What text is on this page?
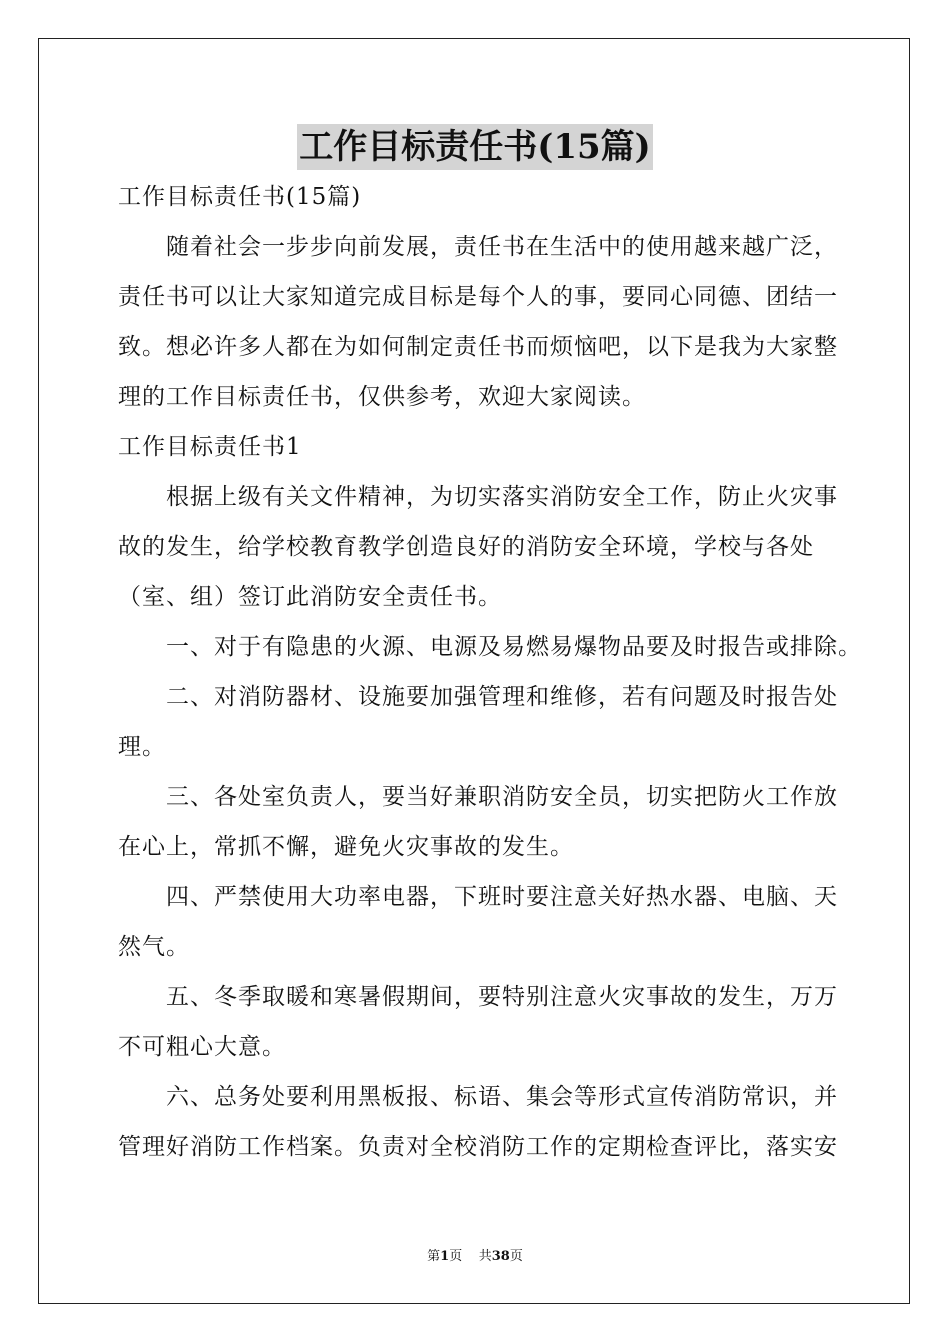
工作目标责任书(15篇)
工作目标责任书(15篇)
随着社会一步步向前发展，责任书在生活中的使用越来越广泛，
责任书可以让大家知道完成目标是每个人的事，要同心同德、团结一
致。想必许多人都在为如何制定责任书而烦恼吧，以下是我为大家整
理的工作目标责任书，仅供参考，欢迎大家阅读。
工作目标责任书1
根据上级有关文件精神，为切实落实消防安全工作，防止火灾事
故的发生，给学校教育教学创造良好的消防安全环境，学校与各处
（室、组）签订此消防安全责任书。
一、对于有隐患的火源、电源及易燃易爆物品要及时报告或排除。
二、对消防器材、设施要加强管理和维修，若有问题及时报告处
理。
三、各处室负责人，要当好兼职消防安全员，切实把防火工作放
在心上，常抓不懈，避免火灾事故的发生。
四、严禁使用大功率电器，下班时要注意关好热水器、电脑、天
然气。
五、冬季取暖和寒暑假期间，要特别注意火灾事故的发生，万万
不可粗心大意。
六、总务处要利用黑板报、标语、集会等形式宣传消防常识，并
管理好消防工作档案。负责对全校消防工作的定期检查评比，落实安
第1页 共38页
